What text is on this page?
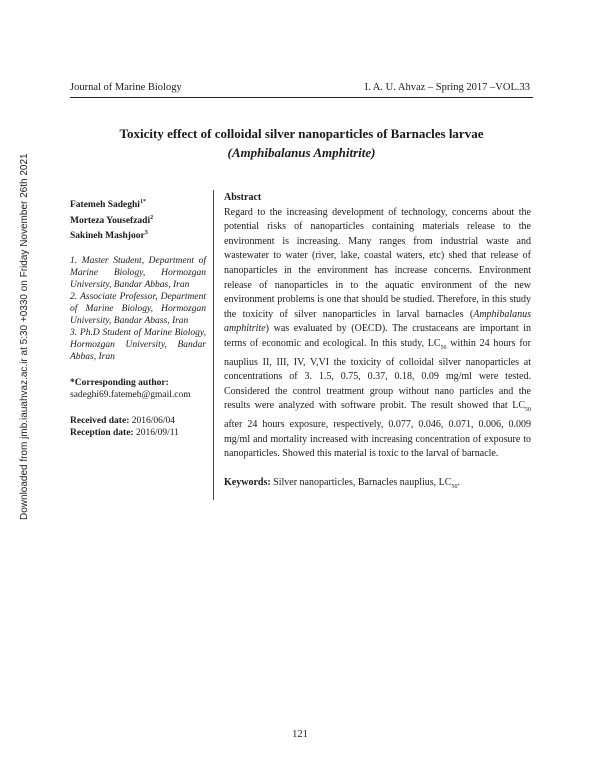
Downloaded from jmb.iauahvaz.ac.ir at 5:30 +0330 on Friday November 26th 2021
Journal of Marine Biology	I. A. U. Ahvaz – Spring 2017 –VOL.33
Toxicity effect of colloidal silver nanoparticles of Barnacles larvae
(Amphibalanus Amphitrite)
Fatemeh Sadeghi$^{1*}$
Morteza Yousefzadi$^2$
Sakineh Mashjoor$^3$

1. Master Student, Department of Marine Biology, Hormozgan University, Bandar Abbas, Iran

2. Associate Professor, Department of Marine Biology, Hormozgan University, Bandar Abass, Iran

3. Ph.D Student of Marine Biology, Hormozgan University, Bandar Abbas, Iran

*Corresponding author:
sadeghi69.fatemeh@gmail.com
Received date: 2016/06/04
Reception date: 2016/09/11
Abstract

Regard to the increasing development of technology, concerns about the potential risks of nanoparticles containing materials release to the environment is increasing. Many ranges from industrial waste and wastewater to water (river, lake, coastal waters, etc) shed that release of nanoparticles in the environment has increase concerns. Environment release of nanoparticles in to the aquatic environment of the new environment problems is one that should be studied. Therefore, in this study the toxicity of silver nanoparticles in larval barnacles (Amphibalanus amphitrite) was evaluated by (OECD). The crustaceans are important in terms of economic and ecological. In this study, $LC_{50}$ within 24 hours for nauplius II, III, IV, V,VI the toxicity of colloidal silver nanoparticles at concentrations of 3. 1.5, 0.75, 0.37, 0.18, 0.09 mg/ml were tested. Considered the control treatment group without nano particles and the results were analyzed with software probit. The result showed that $LC_{50}$ after 24 hours exposure, respectively, 0.077, 0.046, 0.071, 0.006, 0.009 mg/ml and mortality increased with increasing concentration of exposure to nanoparticles. Showed this material is toxic to the larval of barnacle.

Keywords: Silver nanoparticles, Barnacles nauplius, $LC_{50}$.
121
